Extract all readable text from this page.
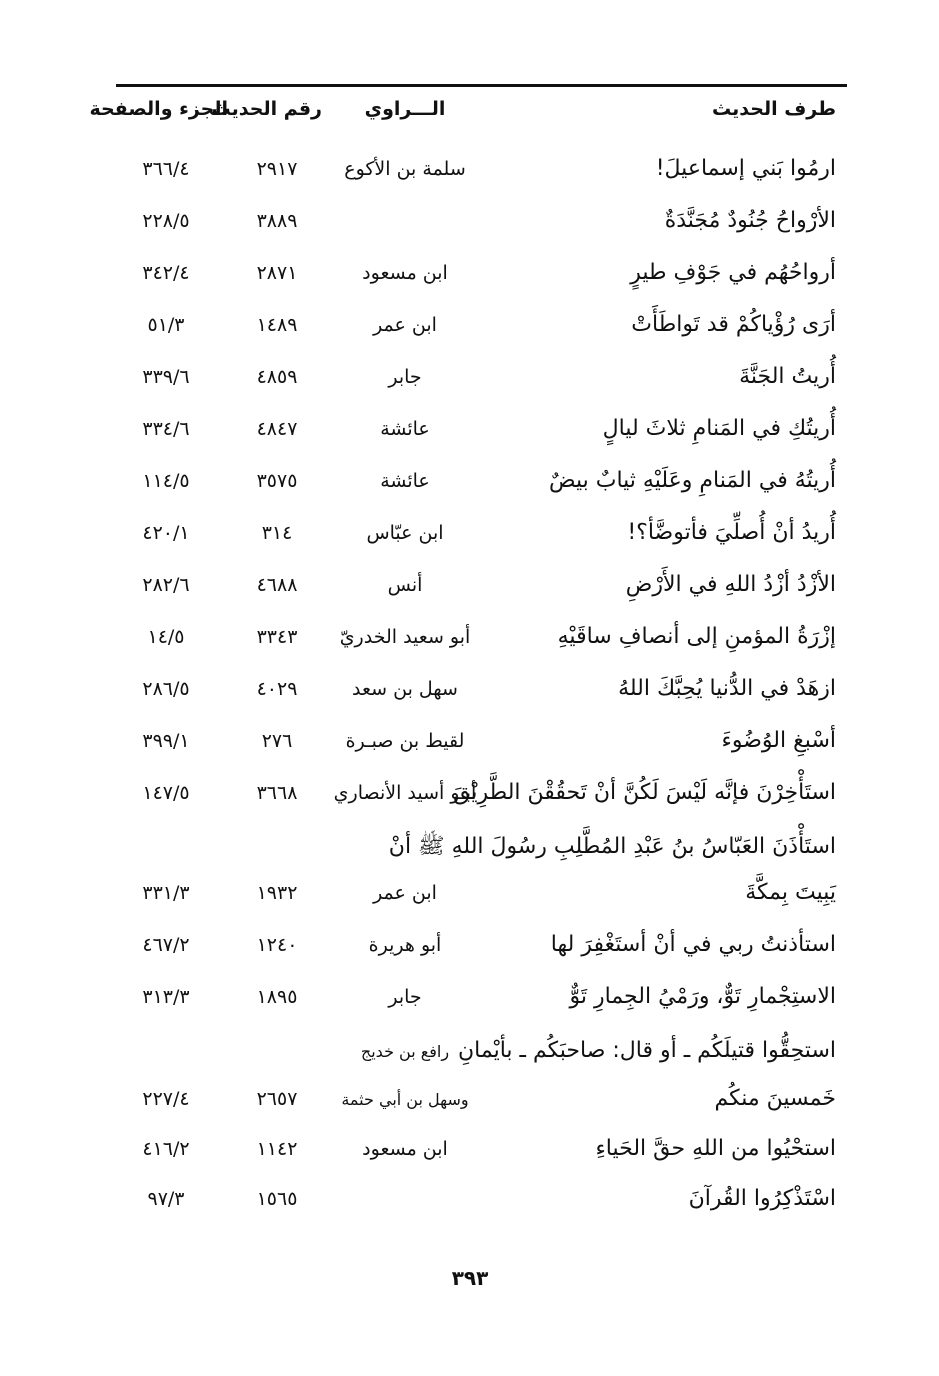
طرف الحديث
الـــراوي
رقم الحديث
الجزء والصفحة
ارمُوا بَني إسماعيلَ!
سلمة بن الأكوع
٢٩١٧
٣٦٦/٤
الأرْواحُ جُنُودٌ مُجَنَّدَةٌ
٣٨٨٩
٢٢٨/٥
أرواحُهُم في جَوْفِ طيرٍ
ابن مسعود
٢٨٧١
٣٤٢/٤
أرَى رُؤْياكُمْ قد تَواطَأَتْ
ابن عمر
١٤٨٩
٥١/٣
أُريتُ الجَنَّةَ
جابر
٤٨٥٩
٣٣٩/٦
أُريتُكِ في المَنامِ ثلاثَ ليالٍ
عائشة
٤٨٤٧
٣٣٤/٦
أُريتُهُ في المَنامِ وعَلَيْهِ ثيابٌ بيضٌ
عائشة
٣٥٧٥
١١٤/٥
أُريدُ أنْ أُصلِّيَ فأتوضَّأ؟!
ابن عبّاس
٣١٤
٤٢٠/١
الأزْدُ أزْدُ اللهِ في الأَرْضِ
أنس
٤٦٨٨
٢٨٢/٦
إزْرَةُ المؤمنِ إلى أنصافِ ساقَيْهِ
أبو سعيد الخدريّ
٣٣٤٣
١٤/٥
ازهَدْ في الدُّنيا يُحِبَّكَ اللهُ
سهل بن سعد
٤٠٢٩
٢٨٦/٥
أسْبغِ الوُضُوءَ
لقيط بن صبـرة
٢٧٦
٣٩٩/١
استَأْخِرْنَ فإنَّه لَيْسَ لَكُنَّ أنْ تَحقُقْنَ الطَّرِيْقَ
أبـو أسيد الأنصاري
٣٦٦٨
١٤٧/٥
استَأْذَنَ العَبّاسُ بنُ عَبْدِ المُطَّلِبِ رسُولَ اللهِ ﷺ أنْ
يَبِيتَ بِمكَّةَ
ابن عمر
١٩٣٢
٣٣١/٣
استأذنتُ ربي في أنْ أستَغْفِرَ لها
أبو هريرة
١٢٤٠
٤٦٧/٢
الاستِجْمارِ تَوٌّ، ورَمْيُ الجِمارِ تَوٌّ
جابر
١٨٩٥
٣١٣/٣
استحِقُّوا قتيلَكُم ـ أو قال: صاحبَكُم ـ بأيْمانِ
رافع بن خديج
خَمسينَ منكُم
وسهل بن أبي حثمة
٢٦٥٧
٢٢٧/٤
استحْيُوا من اللهِ حقَّ الحَياءِ
ابن مسعود
١١٤٢
٤١٦/٢
اسْتَذْكِرُوا القُرآنَ
١٥٦٥
٩٧/٣
٣٩٣
